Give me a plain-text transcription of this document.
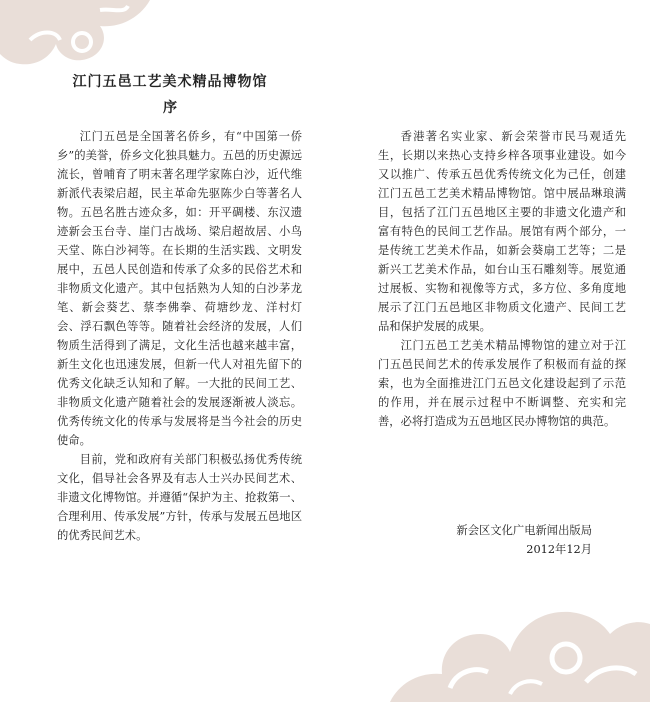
江门五邑工艺美术精品博物馆
序

江门五邑是全国著名侨乡，有“中国第一侨乡”的美誉，侨乡文化独具魅力。五邑的历史源远流长，曾哺育了明末著名理学家陈白沙，近代维新派代表梁启超，民主革命先驱陈少白等著名人物。五邑名胜古迹众多，如：开平碉楼、东汉遗迹新会玉台寺、崖门古战场、梁启超故居、小鸟天堂、陈白沙祠等。在长期的生活实践、文明发展中，五邑人民创造和传承了众多的民俗艺术和非物质文化遗产。其中包括熟为人知的白沙茅龙笔、新会葵艺、蔡李佛拳、荷塘纱龙、洋村灯会、浮石飘色等等。随着社会经济的发展，人们物质生活得到了满足，文化生活也越来越丰富，新生文化也迅速发展，但新一代人对祖先留下的优秀文化缺乏认知和了解。一大批的民间工艺、非物质文化遗产随着社会的发展逐渐被人淡忘。优秀传统文化的传承与发展将是当今社会的历史使命。

目前，党和政府有关部门积极弘扬优秀传统文化，倡导社会各界及有志人士兴办民间艺术、非遗文化博物馆。并遵循“保护为主、抢救第一、合理利用、传承发展”方针，传承与发展五邑地区的优秀民间艺术。

香港著名实业家、新会荣誉市民马观适先生，长期以来热心支持乡梓各项事业建设。如今又以推广、传承五邑优秀传统文化为己任，创建江门五邑工艺美术精品博物馆。馆中展品琳琅满目，包括了江门五邑地区主要的非遗文化遗产和富有特色的民间工艺作品。展馆有两个部分，一是传统工艺美术作品，如新会葵扇工艺等；二是新兴工艺美术作品，如台山玉石雕刻等。展览通过展板、实物和视像等方式，多方位、多角度地展示了江门五邑地区非物质文化遗产、民间工艺品和保护发展的成果。

江门五邑工艺美术精品博物馆的建立对于江门五邑民间艺术的传承发展作了积极而有益的探索，也为全面推进江门五邑文化建设起到了示范的作用，并在展示过程中不断调整、充实和完善，必将打造成为五邑地区民办博物馆的典范。

新会区文化广电新闻出版局
2012年12月
